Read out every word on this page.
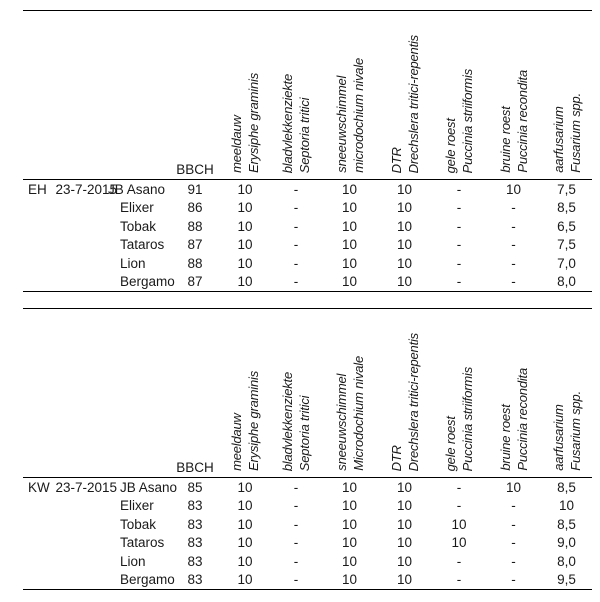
			BBCH	meeldauw Erysiphe graminis	bladvlekkenziekte Septoria tritici	sneeuwschimmel microdochium nivale	DTR Drechslera tritici-repentis	gele roest Puccinia striiformis	bruine roest Puccinia recondita	aarfusarium Fusarium spp.

EH	23-7-2015	JB Asano	91	10	-	10	10	-	10	7,5
		Elixer	86	10	-	10	10	-	-	8,5
		Tobak	88	10	-	10	10	-	-	6,5
		Tataros	87	10	-	10	10	-	-	7,5
		Lion	88	10	-	10	10	-	-	7,0
		Bergamo	87	10	-	10	10	-	-	8,0
			BBCH	meeldauw Erysiphe graminis	bladvlekkenziekte Septoria tritici	sneeuwschimmel Microdochium nivale	DTR Drechslera tritici-repentis	gele roest Puccinia striiformis	bruine roest Puccinia recondita	aarfusarium Fusarium spp.

KW	23-7-2015	JB Asano	85	10	-	10	10	-	10	8,5
		Elixer	83	10	-	10	10	-	-	10
		Tobak	83	10	-	10	10	10	-	8,5
		Tataros	83	10	-	10	10	10	-	9,0
		Lion	83	10	-	10	10	-	-	8,0
		Bergamo	83	10	-	10	10	-	-	9,5
